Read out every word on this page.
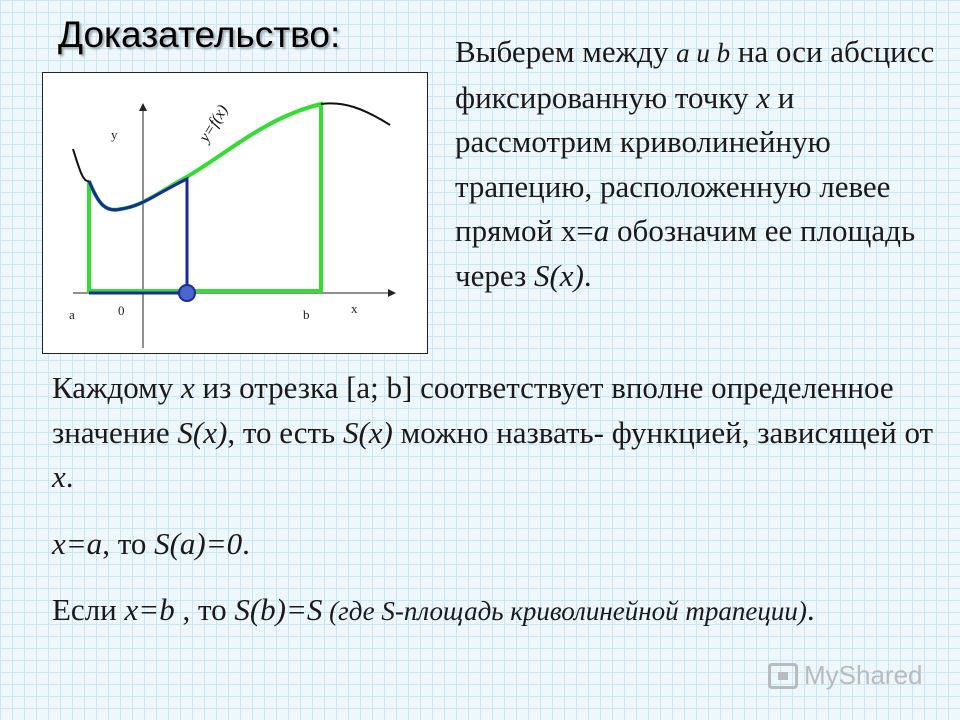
Доказательство:
y
x
a	0	b
y=f(x)

Выберем между a и b на оси абсцисс фиксированную точку x и рассмотрим криволинейную трапецию, расположенную левее прямой x=a обозначим ее площадь через S(x).

Каждому x из отрезка [a; b] соответствует вполне определенное значение S(x), то есть S(x) можно назвать- функцией, зависящей от x.

x=a, то S(a)=0.

Если x=b , то S(b)=S (где S-площадь криволинейной трапеции).

MyShared
